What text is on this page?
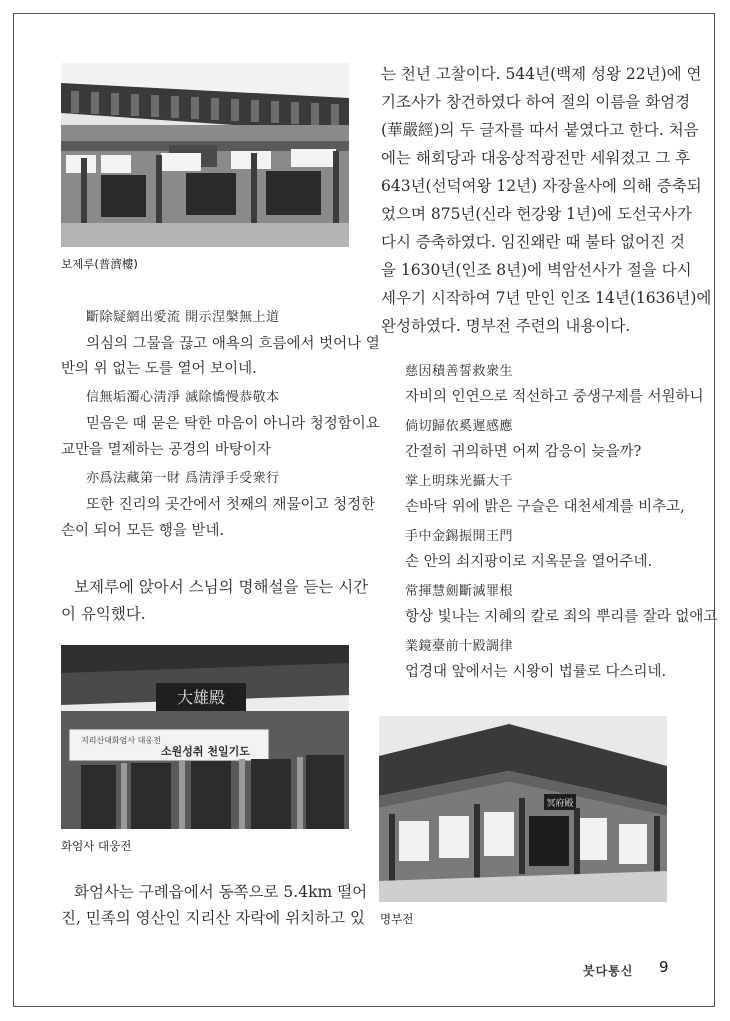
보제루(普濟樓)
斷除疑網出愛流 開示涅槃無上道
의심의 그물을 끊고 애욕의 흐름에서 벗어나 열
반의 위 없는 도를 열어 보이네.
信無垢濁心淸淨 滅除憍慢恭敬本
믿음은 때 묻은 탁한 마음이 아니라 청정함이요
교만을 멸제하는 공경의 바탕이자
亦爲法藏第一財 爲淸淨手受衆行
또한 진리의 곳간에서 첫째의 재물이고 청정한
손이 되어 모든 행을 받네.
보제루에 앉아서 스님의 명해설을 듣는 시간
이 유익했다.
大雄殿
지리산대화엄사 대웅전
소원성취 천일기도
화엄사 대웅전
화엄사는 구례읍에서 동쪽으로 5.4km 떨어
진, 민족의 영산인 지리산 자락에 위치하고 있
는 천년 고찰이다. 544년(백제 성왕 22년)에 연
기조사가 창건하였다 하여 절의 이름을 화엄경
(華嚴經)의 두 글자를 따서 붙였다고 한다. 처음
에는 해회당과 대웅상적광전만 세워졌고 그 후
643년(선덕여왕 12년) 자장율사에 의해 증축되
었으며 875년(신라 헌강왕 1년)에 도선국사가
다시 증축하였다. 임진왜란 때 불타 없어진 것
을 1630년(인조 8년)에 벽암선사가 절을 다시
세우기 시작하여 7년 만인 인조 14년(1636년)에
완성하였다. 명부전 주련의 내용이다.
慈因積善誓救衆生
자비의 인연으로 적선하고 중생구제를 서원하니
倘切歸依奚遲感應
간절히 귀의하면 어찌 감응이 늦을까?
掌上明珠光攝大千
손바닥 위에 밝은 구슬은 대천세계를 비추고,
手中金錫振開王門
손 안의 쇠지팡이로 지옥문을 열어주네.
常揮慧劍斷滅罪根
항상 빛나는 지혜의 칼로 죄의 뿌리를 잘라 없애고
業鏡臺前十殿調律
업경대 앞에서는 시왕이 법률로 다스리네.
冥府殿
명부전
붓다통신 9
